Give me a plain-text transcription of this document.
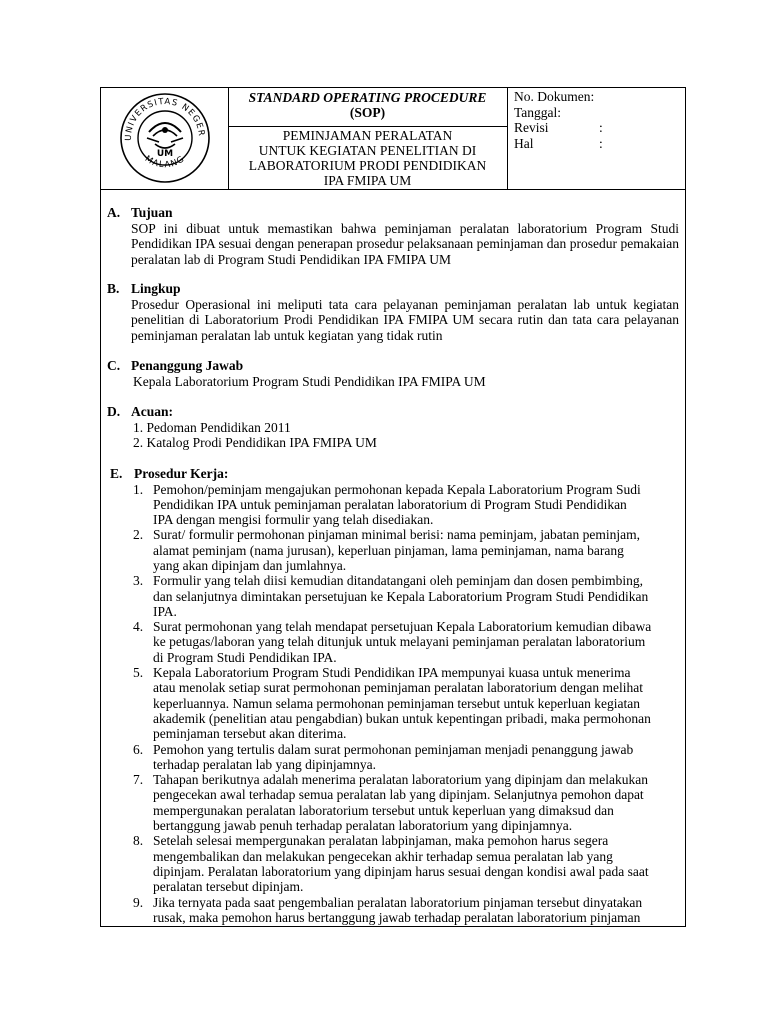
UNIVERSITAS NEGER
MALANG
UM
STANDARD OPERATING PROCEDURE
(SOP)
PEMINJAMAN PERALATAN
UNTUK KEGIATAN PENELITIAN DI
LABORATORIUM PRODI PENDIDIKAN
IPA FMIPA UM
No. Dokumen:
Tanggal:
Revisi	:
Hal	:
A. Tujuan
SOP ini dibuat untuk memastikan bahwa peminjaman peralatan laboratorium Program Studi Pendidikan IPA sesuai dengan penerapan prosedur pelaksanaan peminjaman dan prosedur pemakaian peralatan lab di Program Studi Pendidikan IPA FMIPA UM
B. Lingkup
Prosedur Operasional ini meliputi tata cara pelayanan peminjaman peralatan lab untuk kegiatan penelitian di Laboratorium Prodi Pendidikan IPA FMIPA UM secara rutin dan tata cara pelayanan peminjaman peralatan lab untuk kegiatan yang tidak rutin
C. Penanggung Jawab
Kepala Laboratorium Program Studi Pendidikan IPA FMIPA UM
D. Acuan:
1. Pedoman Pendidikan 2011
2. Katalog Prodi Pendidikan IPA FMIPA UM
E. Prosedur Kerja:
1. Pemohon/peminjam mengajukan permohonan kepada Kepala Laboratorium Program Sudi
Pendidikan IPA untuk peminjaman peralatan laboratorium di Program Studi Pendidikan
IPA dengan mengisi formulir yang telah disediakan.
2. Surat/ formulir permohonan pinjaman minimal berisi: nama peminjam, jabatan peminjam,
alamat peminjam (nama jurusan), keperluan pinjaman, lama peminjaman, nama barang
yang akan dipinjam dan jumlahnya.
3. Formulir yang telah diisi kemudian ditandatangani oleh peminjam dan dosen pembimbing,
dan selanjutnya dimintakan persetujuan ke Kepala Laboratorium Program Studi Pendidikan
IPA.
4. Surat permohonan yang telah mendapat persetujuan Kepala Laboratorium kemudian dibawa
ke petugas/laboran yang telah ditunjuk untuk melayani peminjaman peralatan laboratorium
di Program Studi Pendidikan IPA.
5. Kepala Laboratorium Program Studi Pendidikan IPA mempunyai kuasa untuk menerima
atau menolak setiap surat permohonan peminjaman peralatan laboratorium dengan melihat
keperluannya. Namun selama permohonan peminjaman tersebut untuk keperluan kegiatan
akademik (penelitian atau pengabdian) bukan untuk kepentingan pribadi, maka permohonan
peminjaman tersebut akan diterima.
6. Pemohon yang tertulis dalam surat permohonan peminjaman menjadi penanggung jawab
terhadap peralatan lab yang dipinjamnya.
7. Tahapan berikutnya adalah menerima peralatan laboratorium yang dipinjam dan melakukan
pengecekan awal terhadap semua peralatan lab yang dipinjam. Selanjutnya pemohon dapat
mempergunakan peralatan laboratorium tersebut untuk keperluan yang dimaksud dan
bertanggung jawab penuh terhadap peralatan laboratorium yang dipinjamnya.
8. Setelah selesai mempergunakan peralatan labpinjaman, maka pemohon harus segera
mengembalikan dan melakukan pengecekan akhir terhadap semua peralatan lab yang
dipinjam. Peralatan laboratorium yang dipinjam harus sesuai dengan kondisi awal pada saat
peralatan tersebut dipinjam.
9. Jika ternyata pada saat pengembalian peralatan laboratorium pinjaman tersebut dinyatakan
rusak, maka pemohon harus bertanggung jawab terhadap peralatan laboratorium pinjaman
